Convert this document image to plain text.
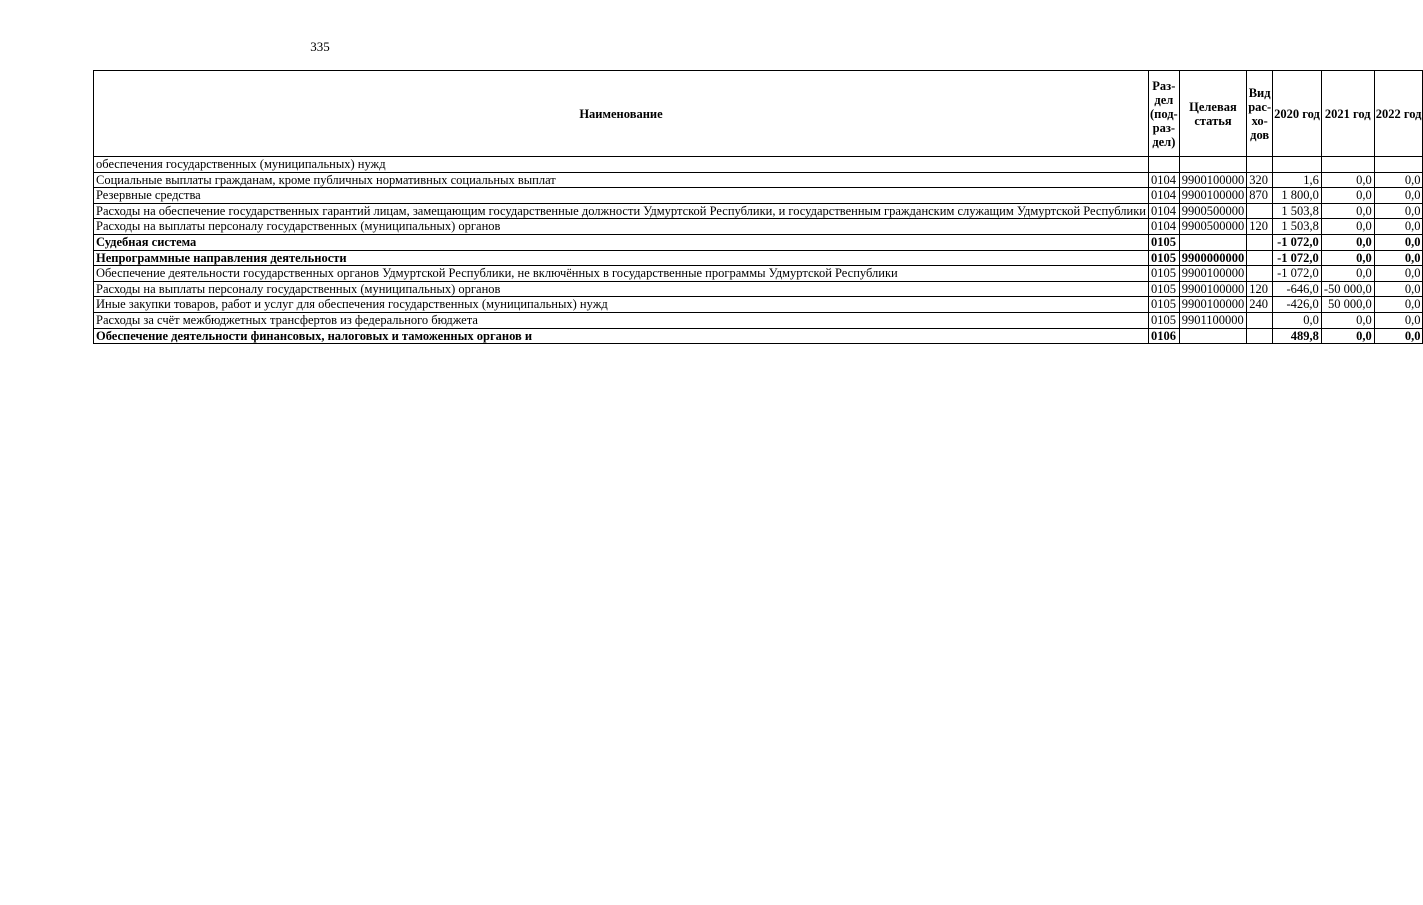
335
Наименование	Раз-дел (под-раз-дел)	Целевая статья	Вид рас-хо-дов	2020 год	2021 год	2022 год
обеспечения государственных (муниципальных) нужд						
Социальные выплаты гражданам, кроме публичных нормативных социальных выплат	0104	9900100000	320	1,6	0,0	0,0
Резервные средства	0104	9900100000	870	1 800,0	0,0	0,0
Расходы на обеспечение государственных гарантий лицам, замещающим государственные должности Удмуртской Республики, и государственным гражданским служащим Удмуртской Республики	0104	9900500000		1 503,8	0,0	0,0
Расходы на выплаты персоналу государственных (муниципальных) органов	0104	9900500000	120	1 503,8	0,0	0,0
Судебная система	0105			-1 072,0	0,0	0,0
Непрограммные направления деятельности	0105	9900000000		-1 072,0	0,0	0,0
Обеспечение деятельности государственных органов Удмуртской Республики, не включённых в государственные программы Удмуртской Республики	0105	9900100000		-1 072,0	0,0	0,0
Расходы на выплаты персоналу государственных (муниципальных) органов	0105	9900100000	120	-646,0	-50 000,0	0,0
Иные закупки товаров, работ и услуг для обеспечения государственных (муниципальных) нужд	0105	9900100000	240	-426,0	50 000,0	0,0
Расходы за счёт межбюджетных трансфертов из федерального бюджета	0105	9901100000		0,0	0,0	0,0
Обеспечение деятельности финансовых, налоговых и таможенных органов и	0106			489,8	0,0	0,0
